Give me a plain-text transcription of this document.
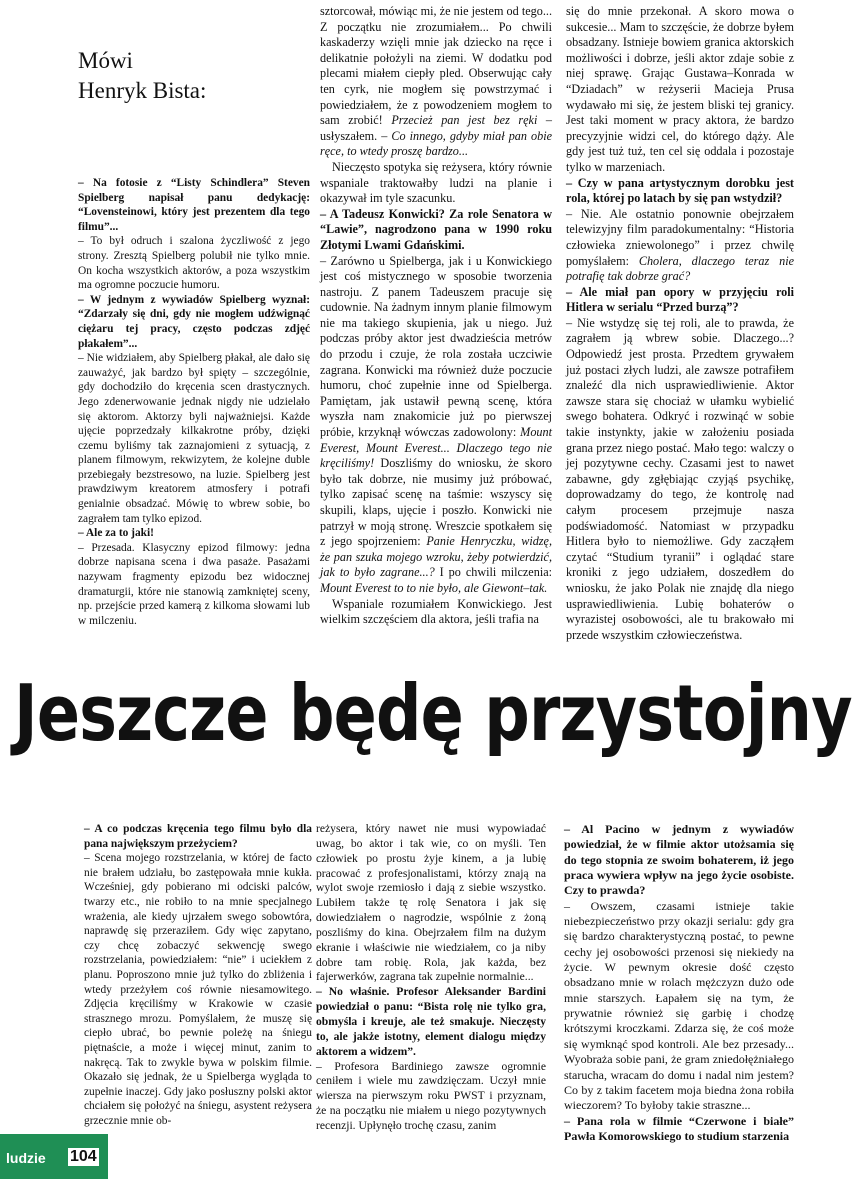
Mówi
Henryk Bista:

– Na fotosie z “Listy Schindlera” Steven Spielberg napisał panu dedykację: “Lovensteinowi, który jest prezentem dla tego filmu”...

– To był odruch i szalona życzliwość z jego strony. Zresztą Spielberg polubił nie tylko mnie. On kocha wszystkich aktorów, a poza wszystkim ma ogromne poczucie humoru.

– W jednym z wywiadów Spielberg wyznał: “Zdarzały się dni, gdy nie mogłem udźwignąć ciężaru tej pracy, często podczas zdjęć płakałem”...

– Nie widziałem, aby Spielberg płakał, ale dało się zauważyć, jak bardzo był spięty – szczególnie, gdy dochodziło do kręcenia scen drastycznych. Jego zdenerwowanie jednak nigdy nie udzielało się aktorom. Aktorzy byli najważniejsi. Każde ujęcie poprzedzały kilkakrotne próby, dzięki czemu byliśmy tak zaznajomieni z sytuacją, z planem filmowym, rekwizytem, że kolejne duble przebiegały bezstresowo, na luzie. Spielberg jest prawdziwym kreatorem atmosfery i potrafi genialnie obsadzać. Mówię to wbrew sobie, bo zagrałem tam tylko epizod.

– Ale za to jaki!

– Przesada. Klasyczny epizod filmowy: jedna dobrze napisana scena i dwa pasaże. Pasażami nazywam fragmenty epizodu bez widocznej dramaturgii, które nie stanowią zamkniętej sceny, np. przejście przed kamerą z kilkoma słowami lub w milczeniu.

sztorcował, mówiąc mi, że nie jestem od tego... Z początku nie zrozumiałem... Po chwili kaskaderzy wzięli mnie jak dziecko na ręce i delikatnie położyli na ziemi. W dodatku pod plecami miałem ciepły pled. Obserwując cały ten cyrk, nie mogłem się powstrzymać i powiedziałem, że z powodzeniem mogłem to sam zrobić! Przecież pan jest bez ręki – usłyszałem. – Co innego, gdyby miał pan obie ręce, to wtedy proszę bardzo...

Nieczęsto spotyka się reżysera, który równie wspaniale traktowałby ludzi na planie i okazywał im tyle szacunku.

– A Tadeusz Konwicki? Za role Senatora w “Lawie”, nagrodzono pana w 1990 roku Złotymi Lwami Gdańskimi.

– Zarówno u Spielberga, jak i u Konwickiego jest coś mistycznego w sposobie tworzenia nastroju. Z panem Tadeuszem pracuje się cudownie. Na żadnym innym planie filmowym nie ma takiego skupienia, jak u niego. Już podczas próby aktor jest dwadzieścia metrów do przodu i czuje, że rola została uczciwie zagrana. Konwicki ma również duże poczucie humoru, choć zupełnie inne od Spielberga. Pamiętam, jak ustawił pewną scenę, która wyszła nam znakomicie już po pierwszej próbie, krzyknął wówczas zadowolony: Mount Everest, Mount Everest... Dlaczego tego nie kręciliśmy! Doszliśmy do wniosku, że skoro było tak dobrze, nie musimy już próbować, tylko zapisać scenę na taśmie: wszyscy się skupili, klaps, ujęcie i poszło. Konwicki nie patrzył w moją stronę. Wreszcie spotkałem się z jego spojrzeniem: Panie Henryczku, widzę, że pan szuka mojego wzroku, żeby potwierdzić, jak to było zagrane...? I po chwili milczenia: Mount Everest to to nie było, ale Giewont–tak.

Wspaniale rozumiałem Konwickiego. Jest wielkim szczęściem dla aktora, jeśli trafia na

się do mnie przekonał. A skoro mowa o sukcesie... Mam to szczęście, że dobrze byłem obsadzany. Istnieje bowiem granica aktorskich możliwości i dobrze, jeśli aktor zdaje sobie z niej sprawę. Grając Gustawa–Konrada w “Dziadach” w reżyserii Macieja Prusa wydawało mi się, że jestem bliski tej granicy. Jest taki moment w pracy aktora, że bardzo precyzyjnie widzi cel, do którego dąży. Ale gdy jest tuż tuż, ten cel się oddala i pozostaje tylko w marzeniach.

– Czy w pana artystycznym dorobku jest rola, której po latach by się pan wstydził?

– Nie. Ale ostatnio ponownie obejrzałem telewizyjny film paradokumentalny: “Historia człowieka zniewolonego” i przez chwilę pomyślałem: Cholera, dlaczego teraz nie potrafię tak dobrze grać?

– Ale miał pan opory w przyjęciu roli Hitlera w serialu “Przed burzą”?

– Nie wstydzę się tej roli, ale to prawda, że zagrałem ją wbrew sobie. Dlaczego...? Odpowiedź jest prosta. Przedtem grywałem już postaci złych ludzi, ale zawsze potrafiłem znaleźć dla nich usprawiedliwienie. Aktor zawsze stara się chociaż w ułamku wybielić swego bohatera. Odkryć i rozwinąć w sobie takie instynkty, jakie w założeniu posiada grana przez niego postać. Mało tego: walczy o jej pozytywne cechy. Czasami jest to nawet zabawne, gdy zgłębiając czyjąś psychikę, doprowadzamy do tego, że kontrolę nad całym procesem przejmuje nasza podświadomość. Natomiast w przypadku Hitlera było to niemożliwe. Gdy zacząłem czytać “Studium tyranii” i oglądać stare kroniki z jego udziałem, doszedłem do wniosku, że jako Polak nie znajdę dla niego usprawiedliwienia. Lubię bohaterów o wyrazistej osobowości, ale tu brakowało mi przede wszystkim człowieczeństwa.

Jeszcze będę przystojny

– A co podczas kręcenia tego filmu było dla pana największym przeżyciem?

– Scena mojego rozstrzelania, w której de facto nie brałem udziału, bo zastępowała mnie kukła. Wcześniej, gdy pobierano mi odciski palców, twarzy etc., nie robiło to na mnie specjalnego wrażenia, ale kiedy ujrzałem swego sobowtóra, naprawdę się przeraziłem. Gdy więc zapytano, czy chcę zobaczyć sekwencję swego rozstrzelania, powiedziałem: “nie” i uciekłem z planu. Poproszono mnie już tylko do zbliżenia i wtedy przeżyłem coś równie niesamowitego. Zdjęcia kręciliśmy w Krakowie w czasie strasznego mrozu. Pomyślałem, że muszę się ciepło ubrać, bo pewnie poleżę na śniegu piętnaście, a może i więcej minut, zanim to nakręcą. Tak to zwykle bywa w polskim filmie. Okazało się jednak, że u Spielberga wygląda to zupełnie inaczej. Gdy jako posłuszny polski aktor chciałem się położyć na śniegu, asystent reżysera grzecznie mnie ob-

reżysera, który nawet nie musi wypowiadać uwag, bo aktor i tak wie, co on myśli. Ten człowiek po prostu żyje kinem, a ja lubię pracować z profesjonalistami, którzy znają na wylot swoje rzemiosło i dają z siebie wszystko. Lubiłem także tę rolę Senatora i jak się dowiedziałem o nagrodzie, wspólnie z żoną poszliśmy do kina. Obejrzałem film na dużym ekranie i właściwie nie wiedziałem, co ja niby dobre tam robię. Rola, jak każda, bez fajerwerków, zagrana tak zupełnie normalnie...

– No właśnie. Profesor Aleksander Bardini powiedział o panu: “Bista rolę nie tylko gra, obmyśla i kreuje, ale też smakuje. Nieczęsty to, ale jakże istotny, element dialogu między aktorem a widzem”.

– Profesora Bardiniego zawsze ogromnie ceniłem i wiele mu zawdzięczam. Uczył mnie wiersza na pierwszym roku PWST i przyznam, że na początku nie miałem u niego pozytywnych recenzji. Upłynęło trochę czasu, zanim

– Al Pacino w jednym z wywiadów powiedział, że w filmie aktor utożsamia się do tego stopnia ze swoim bohaterem, iż jego praca wywiera wpływ na jego życie osobiste. Czy to prawda?

– Owszem, czasami istnieje takie niebezpieczeństwo przy okazji serialu: gdy gra się bardzo charakterystyczną postać, to pewne cechy jej osobowości przenosi się niekiedy na życie. W pewnym okresie dość często obsadzano mnie w rolach mężczyzn dużo ode mnie starszych. Łapałem się na tym, że prywatnie również się garbię i chodzę krótszymi kroczkami. Zdarza się, że coś może się wymknąć spod kontroli. Ale bez przesady... Wyobraża sobie pani, że gram zniedołężniałego starucha, wracam do domu i nadal nim jestem? Co by z takim facetem moja biedna żona robiła wieczorem? To byłoby takie straszne...

– Pana rola w filmie “Czerwone i białe” Pawła Komorowskiego to studium starzenia

ludzie 104
